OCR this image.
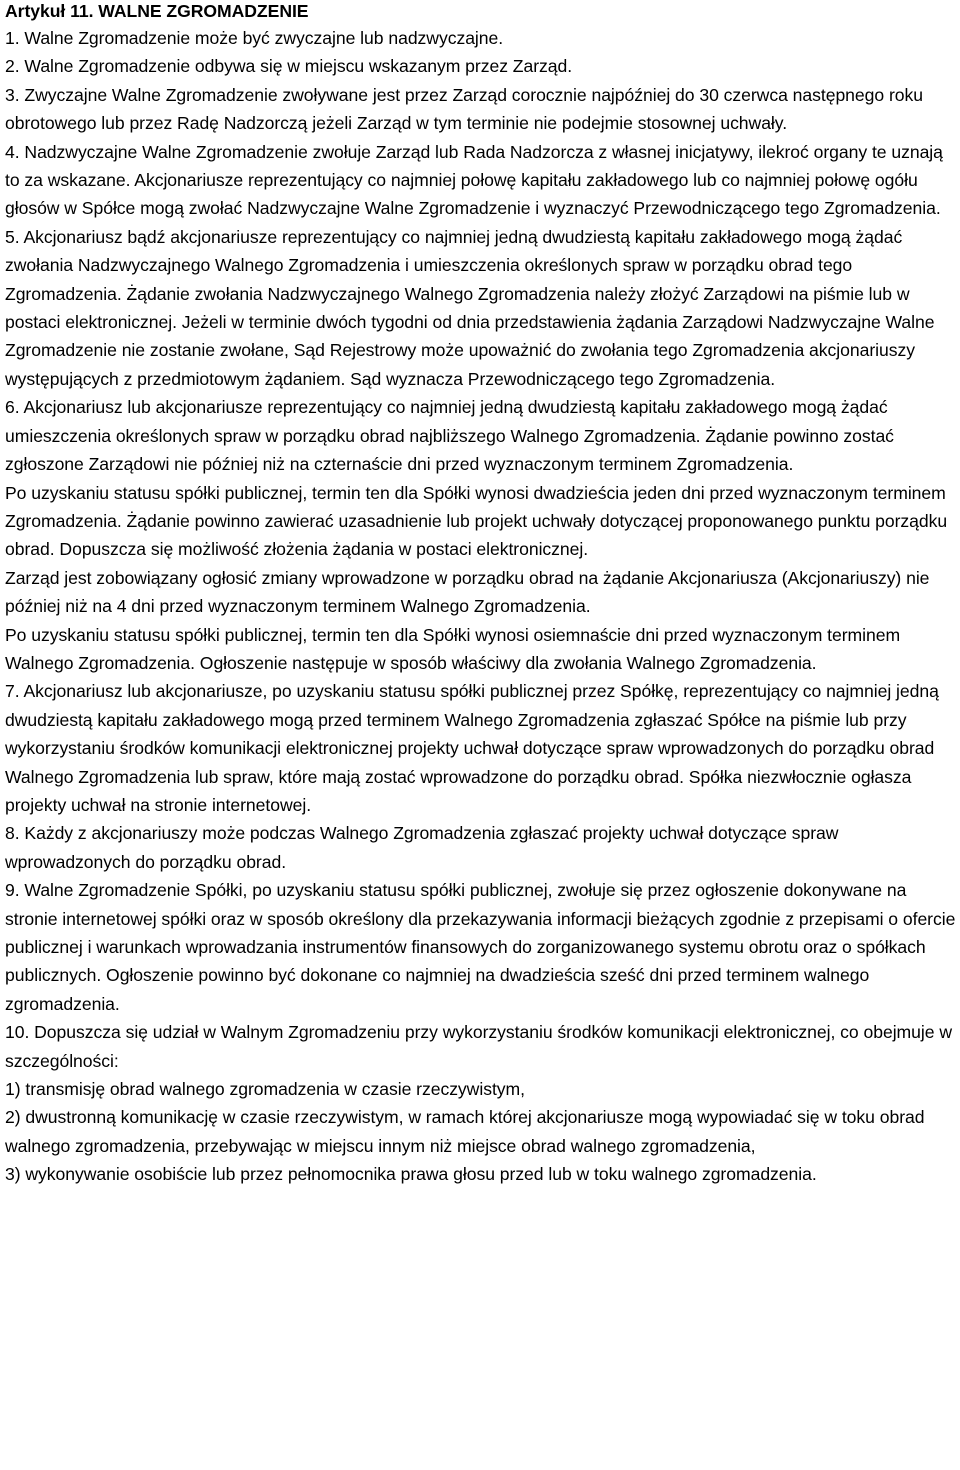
Artykuł 11. WALNE ZGROMADZENIE

1. Walne Zgromadzenie może być zwyczajne lub nadzwyczajne.

2. Walne Zgromadzenie odbywa się w miejscu wskazanym przez Zarząd.

3. Zwyczajne Walne Zgromadzenie zwoływane jest przez Zarząd corocznie najpóźniej do 30 czerwca następnego roku obrotowego lub przez Radę Nadzorczą jeżeli Zarząd w tym terminie nie podejmie stosownej uchwały.

4. Nadzwyczajne Walne Zgromadzenie zwołuje Zarząd lub Rada Nadzorcza z własnej inicjatywy, ilekroć organy te uznają to za wskazane. Akcjonariusze reprezentujący co najmniej połowę kapitału zakładowego lub co najmniej połowę ogółu głosów w Spółce mogą zwołać Nadzwyczajne Walne Zgromadzenie i wyznaczyć Przewodniczącego tego Zgromadzenia.

5. Akcjonariusz bądź akcjonariusze reprezentujący co najmniej jedną dwudziestą kapitału zakładowego mogą żądać zwołania Nadzwyczajnego Walnego Zgromadzenia i umieszczenia określonych spraw w porządku obrad tego Zgromadzenia. Żądanie zwołania Nadzwyczajnego Walnego Zgromadzenia należy złożyć Zarządowi na piśmie lub w postaci elektronicznej. Jeżeli w terminie dwóch tygodni od dnia przedstawienia żądania Zarządowi Nadzwyczajne Walne Zgromadzenie nie zostanie zwołane, Sąd Rejestrowy może upoważnić do zwołania tego Zgromadzenia akcjonariuszy występujących z przedmiotowym żądaniem. Sąd wyznacza Przewodniczącego tego Zgromadzenia.

6. Akcjonariusz lub akcjonariusze reprezentujący co najmniej jedną dwudziestą kapitału zakładowego mogą żądać umieszczenia określonych spraw w porządku obrad najbliższego Walnego Zgromadzenia. Żądanie powinno zostać zgłoszone Zarządowi nie później niż na czternaście dni przed wyznaczonym terminem Zgromadzenia.

Po uzyskaniu statusu spółki publicznej, termin ten dla Spółki wynosi dwadzieścia jeden dni przed wyznaczonym terminem Zgromadzenia. Żądanie powinno zawierać uzasadnienie lub projekt uchwały dotyczącej proponowanego punktu porządku obrad. Dopuszcza się możliwość złożenia żądania w postaci elektronicznej.

Zarząd jest zobowiązany ogłosić zmiany wprowadzone w porządku obrad na żądanie Akcjonariusza (Akcjonariuszy) nie później niż na 4 dni przed wyznaczonym terminem Walnego Zgromadzenia.

Po uzyskaniu statusu spółki publicznej, termin ten dla Spółki wynosi osiemnaście dni przed wyznaczonym terminem Walnego Zgromadzenia. Ogłoszenie następuje w sposób właściwy dla zwołania Walnego Zgromadzenia.

7. Akcjonariusz lub akcjonariusze, po uzyskaniu statusu spółki publicznej przez Spółkę, reprezentujący co najmniej jedną dwudziestą kapitału zakładowego mogą przed terminem Walnego Zgromadzenia zgłaszać Spółce na piśmie lub przy wykorzystaniu środków komunikacji elektronicznej projekty uchwał dotyczące spraw wprowadzonych do porządku obrad Walnego Zgromadzenia lub spraw, które mają zostać wprowadzone do porządku obrad. Spółka niezwłocznie ogłasza projekty uchwał na stronie internetowej.

8. Każdy z akcjonariuszy może podczas Walnego Zgromadzenia zgłaszać projekty uchwał dotyczące spraw wprowadzonych do porządku obrad.

9. Walne Zgromadzenie Spółki, po uzyskaniu statusu spółki publicznej, zwołuje się przez ogłoszenie dokonywane na stronie internetowej spółki oraz w sposób określony dla przekazywania informacji bieżących zgodnie z przepisami o ofercie publicznej i warunkach wprowadzania instrumentów finansowych do zorganizowanego systemu obrotu oraz o spółkach publicznych. Ogłoszenie powinno być dokonane co najmniej na dwadzieścia sześć dni przed terminem walnego zgromadzenia.

10. Dopuszcza się udział w Walnym Zgromadzeniu przy wykorzystaniu środków komunikacji elektronicznej, co obejmuje w szczególności:

1) transmisję obrad walnego zgromadzenia w czasie rzeczywistym,

2) dwustronną komunikację w czasie rzeczywistym, w ramach której akcjonariusze mogą wypowiadać się w toku obrad walnego zgromadzenia, przebywając w miejscu innym niż miejsce obrad walnego zgromadzenia,

3) wykonywanie osobiście lub przez pełnomocnika prawa głosu przed lub w toku walnego zgromadzenia.
